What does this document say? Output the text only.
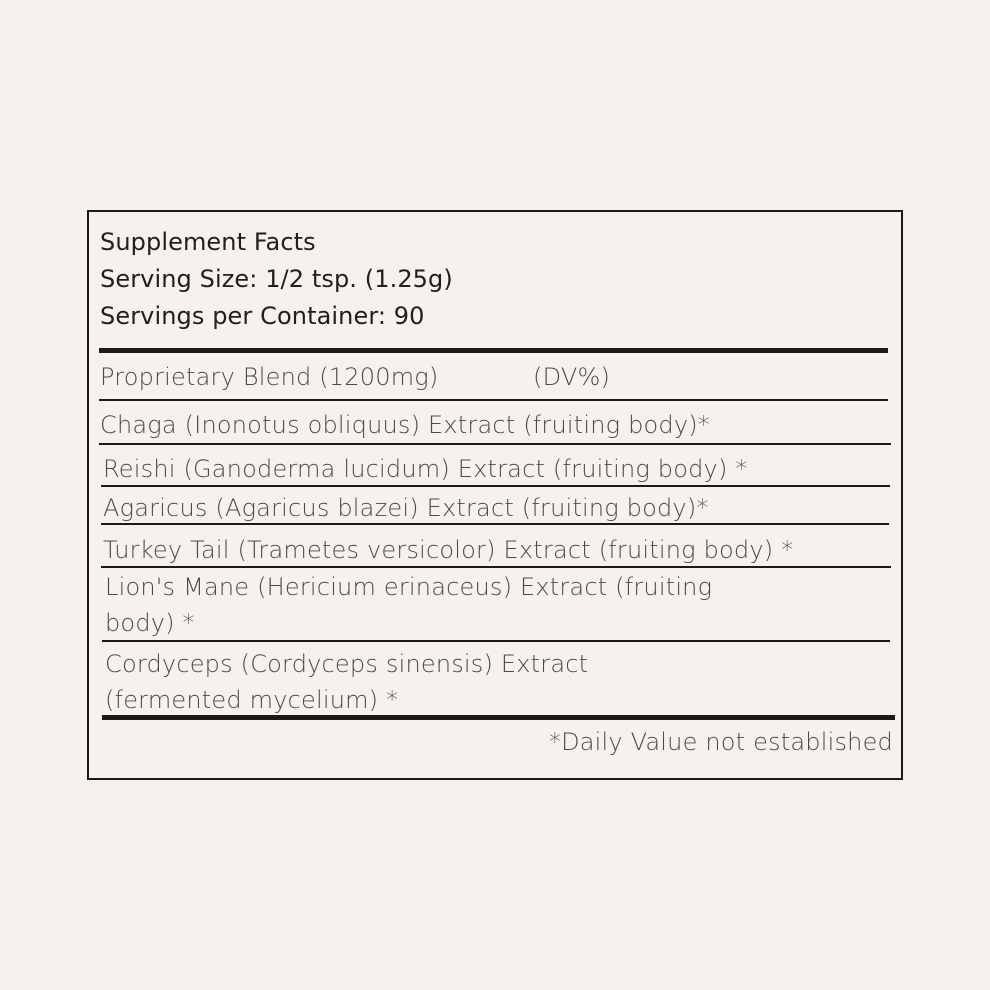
Supplement Facts
Serving Size: 1/2 tsp. (1.25g)
Servings per Container: 90
Proprietary Blend (1200mg)	(DV%)
Chaga (Inonotus obliquus) Extract (fruiting body)*
Reishi (Ganoderma lucidum) Extract (fruiting body) *
Agaricus (Agaricus blazei) Extract (fruiting body)*
Turkey Tail (Trametes versicolor) Extract (fruiting body) *
Lion's Mane (Hericium erinaceus) Extract (fruiting
body) *
Cordyceps (Cordyceps sinensis) Extract
(fermented mycelium) *
*Daily Value not established
